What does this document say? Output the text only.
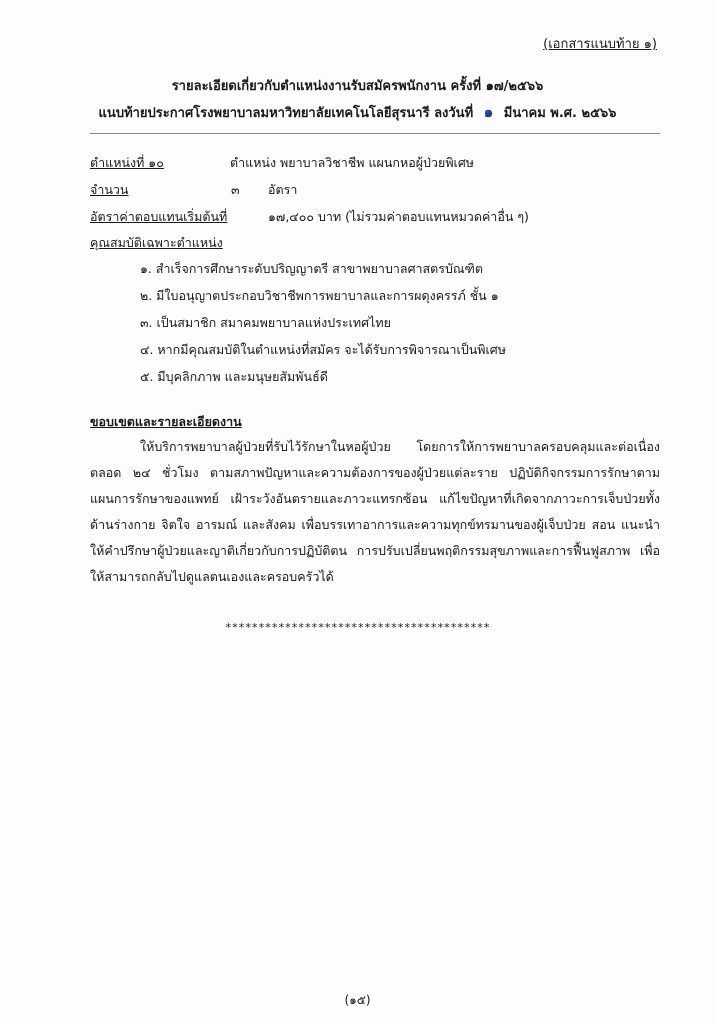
(เอกสารแนบท้าย ๑)
รายละเอียดเกี่ยวกับตำแหน่งงานรับสมัครพนักงาน ครั้งที่ ๑๗/๒๕๖๖
แนบท้ายประกาศโรงพยาบาลมหาวิทยาลัยเทคโนโลยีสุรนารี ลงวันที่ ๑ มีนาคม พ.ศ. ๒๕๖๖
ตำแหน่งที่ ๑๐	ตำแหน่ง พยาบาลวิชาชีพ แผนกหอผู้ป่วยพิเศษ
จำนวน	๓ อัตรา
อัตราค่าตอบแทนเริ่มต้นที่	๑๗,๔๐๐ บาท (ไม่รวมค่าตอบแทนหมวดค่าอื่น ๆ)
คุณสมบัติเฉพาะตำแหน่ง
๑. สำเร็จการศึกษาระดับปริญญาตรี สาขาพยาบาลศาสตรบัณฑิต
๒. มีใบอนุญาตประกอบวิชาชีพการพยาบาลและการผดุงครรภ์ ชั้น ๑
๓. เป็นสมาชิก สมาคมพยาบาลแห่งประเทศไทย
๔. หากมีคุณสมบัติในตำแหน่งที่สมัคร จะได้รับการพิจารณาเป็นพิเศษ
๕. มีบุคลิกภาพ และมนุษยสัมพันธ์ดี
ขอบเขตและรายละเอียดงาน
ให้บริการพยาบาลผู้ป่วยที่รับไว้รักษาในหอผู้ป่วย โดยการให้การพยาบาลครอบคลุมและต่อเนื่อง ตลอด ๒๔ ชั่วโมง ตามสภาพปัญหาและความต้องการของผู้ป่วยแต่ละราย ปฏิบัติกิจกรรมการรักษาตามแผนการรักษาของแพทย์ เฝ้าระวังอันตรายและภาวะแทรกซ้อน แก้ไขปัญหาที่เกิดจากภาวะการเจ็บป่วยทั้งด้านร่างกาย จิตใจ อารมณ์ และสังคม เพื่อบรรเทาอาการและความทุกข์ทรมานของผู้เจ็บป่วย สอน แนะนำ ให้คำปรึกษาผู้ป่วยและญาติเกี่ยวกับการปฏิบัติตน การปรับเปลี่ยนพฤติกรรมสุขภาพและการฟื้นฟูสภาพ เพื่อให้สามารถกลับไปดูแลตนเองและครอบครัวได้
****************************************
(๑๕)
